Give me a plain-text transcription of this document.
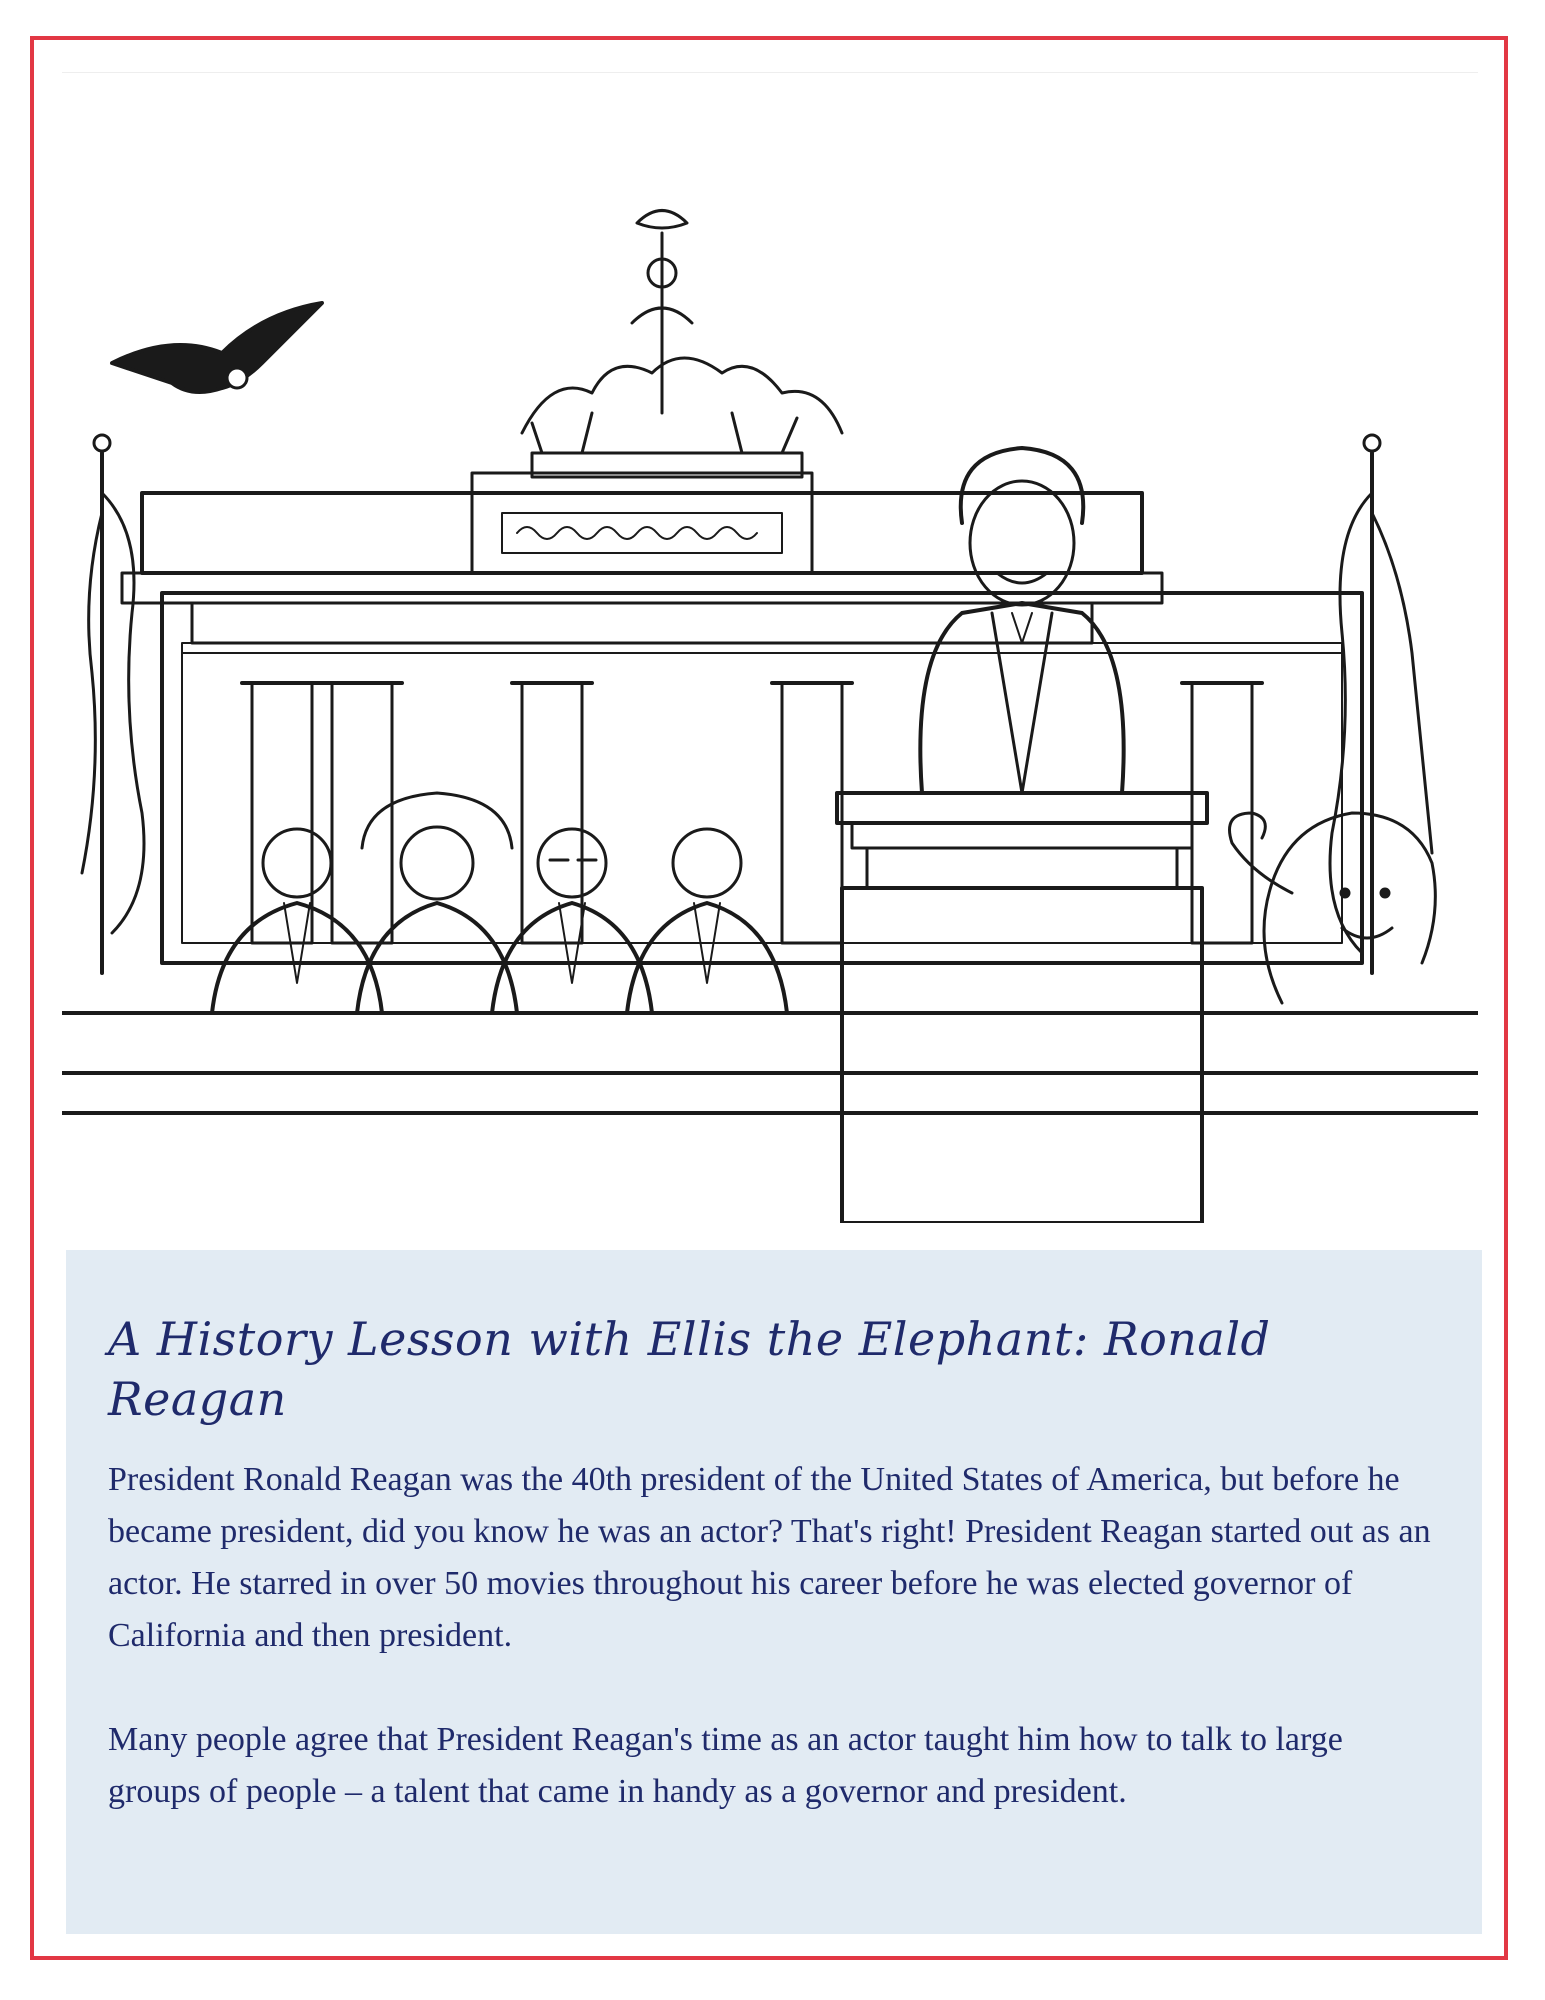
A History Lesson with Ellis the Elephant: Ronald Reagan

President Ronald Reagan was the 40th president of the United States of America, but before he became president, did you know he was an actor? That's right! President Reagan started out as an actor. He starred in over 50 movies throughout his career before he was elected governor of California and then president.

Many people agree that President Reagan's time as an actor taught him how to talk to large groups of people – a talent that came in handy as a governor and president.
